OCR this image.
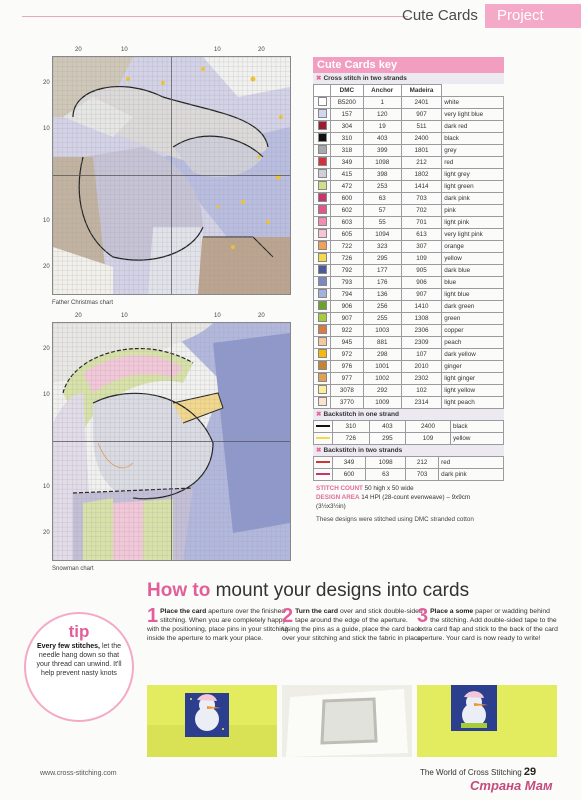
Cute Cards	Project
20	10	10	20
20
10
10
20
Father Christmas chart
20	10	10	20
20
10
10
20
Snowman chart
Cute Cards key
✖ Cross stitch in two strands
	DMC	Anchor	Madeira	
	B5200	1	2401	white
	157	120	907	very light blue
	304	19	511	dark red
	310	403	2400	black
	318	399	1801	grey
	349	1098	212	red
	415	398	1802	light grey
	472	253	1414	light green
	600	63	703	dark pink
	602	57	702	pink
	603	55	701	light pink
	605	1094	613	very light pink
	722	323	307	orange
	726	295	109	yellow
	792	177	905	dark blue
	793	176	906	blue
	794	136	907	light blue
	906	256	1410	dark green
	907	255	1308	green
	922	1003	2306	copper
	945	881	2309	peach
	972	298	107	dark yellow
	976	1001	2010	ginger
	977	1002	2302	light ginger
	3078	292	102	light yellow
	3770	1009	2314	light peach
✖ Backstitch in one strand
	310	403	2400	black
	726	295	109	yellow
✖ Backstitch in two strands
	349	1098	212	red
	600	63	703	dark pink
STITCH COUNT 50 high x 50 wide
DESIGN AREA 14 HPI (28-count evenweave) – 9x9cm (3½x3½in)
These designs were stitched using DMC stranded cotton
How to mount your designs into cards
1 Place the card aperture over the finished stitching. When you are completely happy with the positioning, place pins in your stitching inside the aperture to mark your place.
2 Turn the card over and stick double-sided tape around the edge of the aperture. Using the pins as a guide, place the card back over your stitching and stick the fabric in place.
3 Place a some paper or wadding behind the stitching. Add double-sided tape to the extra card flap and stick to the back of the card aperture. Your card is now ready to write!
tip
Every few stitches, let the needle hang down so that your thread can unwind. It'll help prevent nasty knots
www.cross-stitching.com	The World of Cross Stitching 29
Страна Мам
